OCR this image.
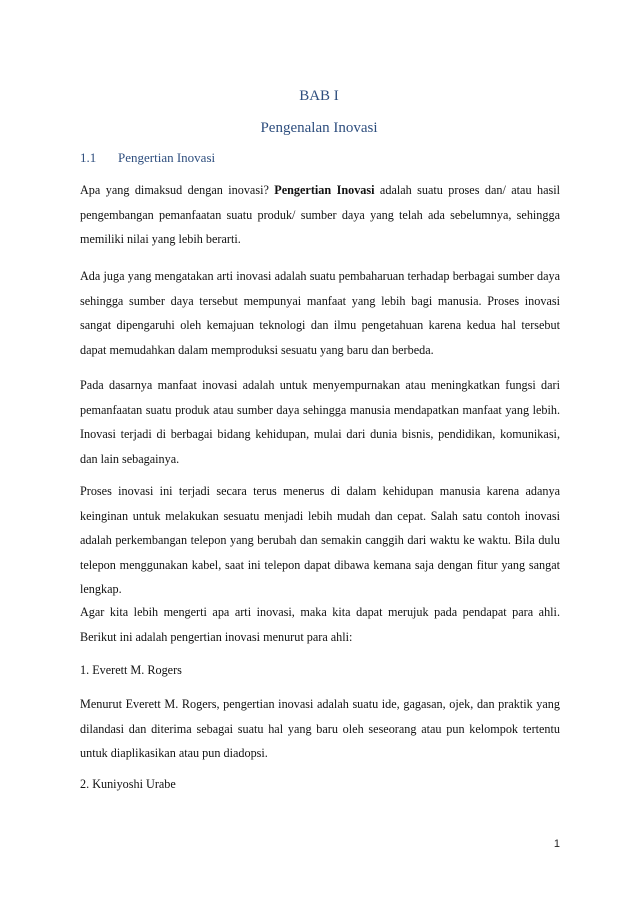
BAB I
Pengenalan Inovasi
1.1 Pengertian Inovasi
Apa yang dimaksud dengan inovasi? Pengertian Inovasi adalah suatu proses dan/ atau hasil pengembangan pemanfaatan suatu produk/ sumber daya yang telah ada sebelumnya, sehingga memiliki nilai yang lebih berarti.
Ada juga yang mengatakan arti inovasi adalah suatu pembaharuan terhadap berbagai sumber daya sehingga sumber daya tersebut mempunyai manfaat yang lebih bagi manusia. Proses inovasi sangat dipengaruhi oleh kemajuan teknologi dan ilmu pengetahuan karena kedua hal tersebut dapat memudahkan dalam memproduksi sesuatu yang baru dan berbeda.
Pada dasarnya manfaat inovasi adalah untuk menyempurnakan atau meningkatkan fungsi dari pemanfaatan suatu produk atau sumber daya sehingga manusia mendapatkan manfaat yang lebih. Inovasi terjadi di berbagai bidang kehidupan, mulai dari dunia bisnis, pendidikan, komunikasi, dan lain sebagainya.
Proses inovasi ini terjadi secara terus menerus di dalam kehidupan manusia karena adanya keinginan untuk melakukan sesuatu menjadi lebih mudah dan cepat. Salah satu contoh inovasi adalah perkembangan telepon yang berubah dan semakin canggih dari waktu ke waktu. Bila dulu telepon menggunakan kabel, saat ini telepon dapat dibawa kemana saja dengan fitur yang sangat lengkap.
Agar kita lebih mengerti apa arti inovasi, maka kita dapat merujuk pada pendapat para ahli. Berikut ini adalah pengertian inovasi menurut para ahli:
1. Everett M. Rogers
Menurut Everett M. Rogers, pengertian inovasi adalah suatu ide, gagasan, ojek, dan praktik yang dilandasi dan diterima sebagai suatu hal yang baru oleh seseorang atau pun kelompok tertentu untuk diaplikasikan atau pun diadopsi.
2. Kuniyoshi Urabe
1
